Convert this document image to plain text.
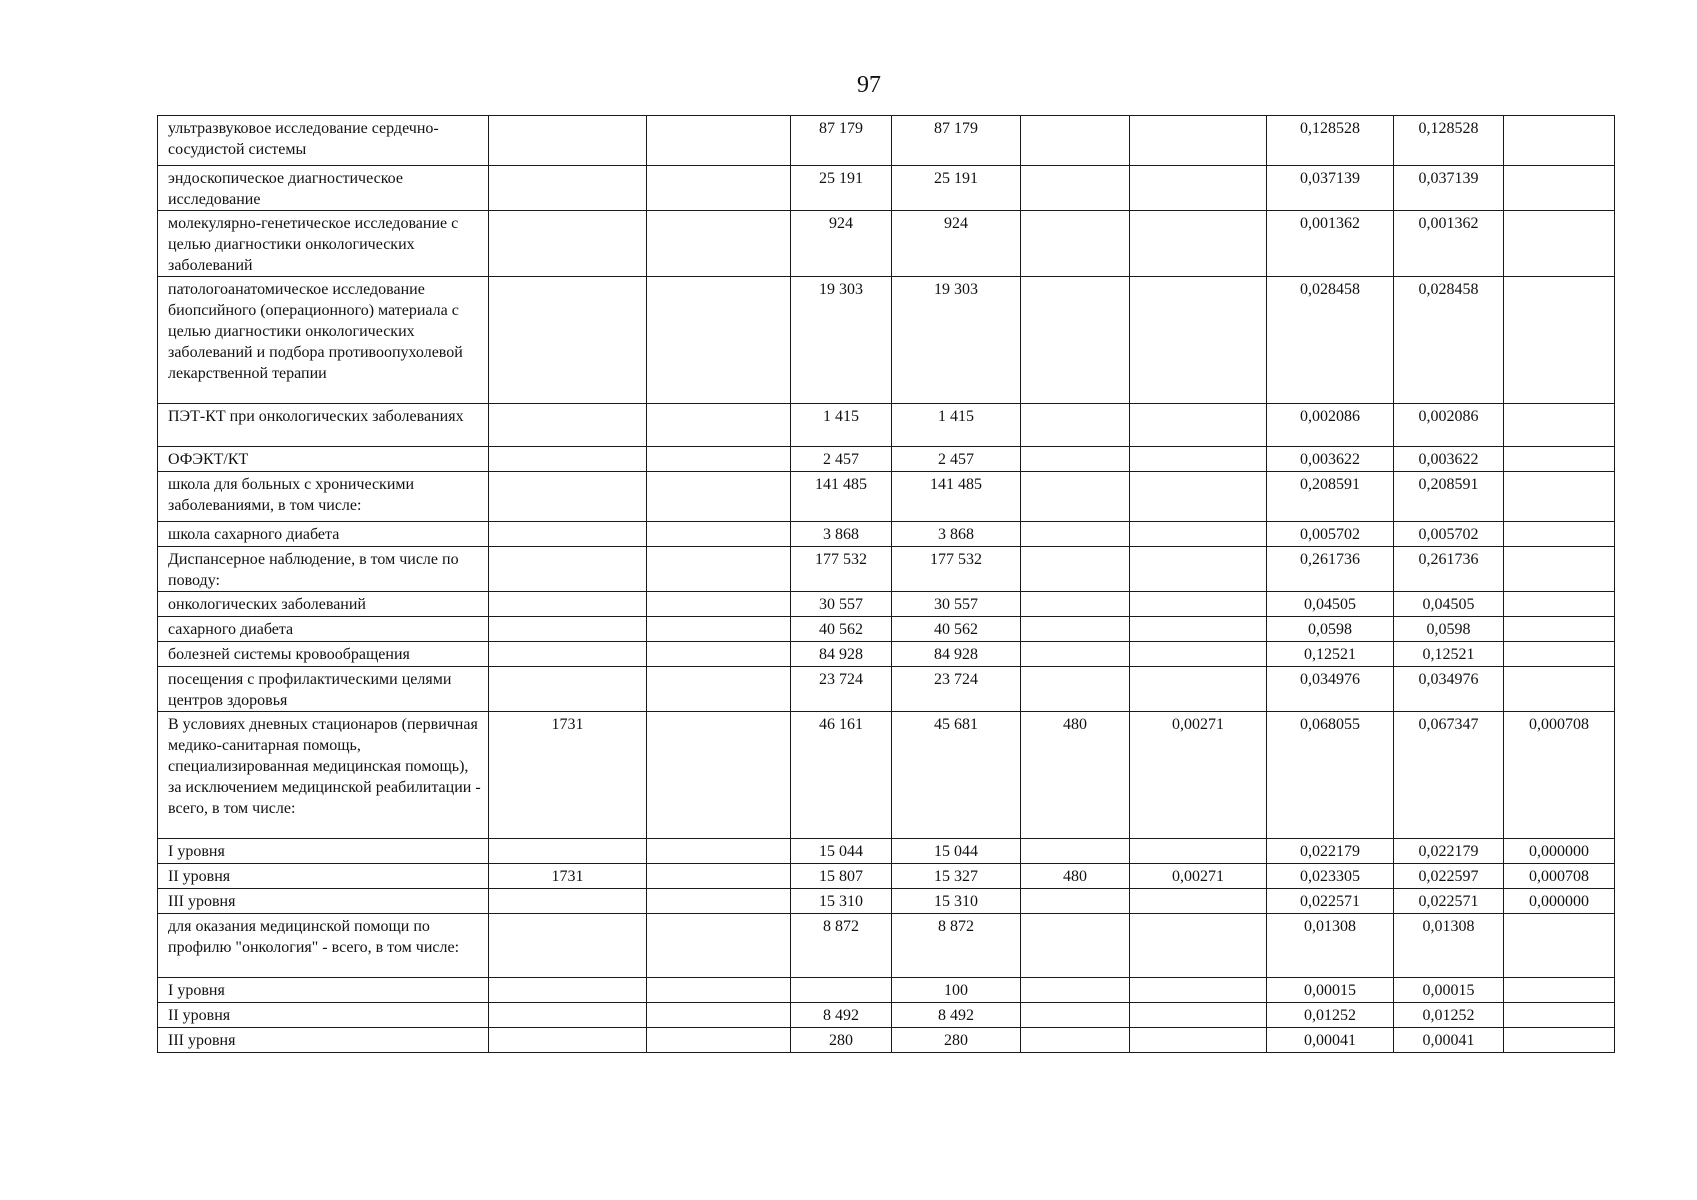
97
ультразвуковое исследование сердечно-сосудистой системы			87 179	87 179			0,128528	0,128528	
эндоскопическое диагностическое исследование			25 191	25 191			0,037139	0,037139	
молекулярно-генетическое исследование с целью диагностики онкологических заболеваний			924	924			0,001362	0,001362	
патологоанатомическое исследование биопсийного (операционного) материала с целью диагностики онкологических заболеваний и подбора противоопухолевой лекарственной терапии			19 303	19 303			0,028458	0,028458	
ПЭТ-КТ при онкологических заболеваниях			1 415	1 415			0,002086	0,002086	
ОФЭКТ/КТ			2 457	2 457			0,003622	0,003622	
школа для больных с хроническими заболеваниями, в том числе:			141 485	141 485			0,208591	0,208591	
школа сахарного диабета			3 868	3 868			0,005702	0,005702	
Диспансерное наблюдение, в том числе по поводу:			177 532	177 532			0,261736	0,261736	
онкологических заболеваний			30 557	30 557			0,04505	0,04505	
сахарного диабета			40 562	40 562			0,0598	0,0598	
болезней системы кровообращения			84 928	84 928			0,12521	0,12521	
посещения с профилактическими целями центров здоровья			23 724	23 724			0,034976	0,034976	
В условиях дневных стационаров (первичная медико-санитарная помощь, специализированная медицинская помощь), за исключением медицинской реабилитации - всего, в том числе:	1731		46 161	45 681	480	0,00271	0,068055	0,067347	0,000708
I уровня			15 044	15 044			0,022179	0,022179	0,000000
II уровня	1731		15 807	15 327	480	0,00271	0,023305	0,022597	0,000708
III уровня			15 310	15 310			0,022571	0,022571	0,000000
для оказания медицинской помощи по профилю "онкология" - всего, в том числе:			8 872	8 872			0,01308	0,01308	
I уровня				100			0,00015	0,00015	
II уровня			8 492	8 492			0,01252	0,01252	
III уровня			280	280			0,00041	0,00041	
